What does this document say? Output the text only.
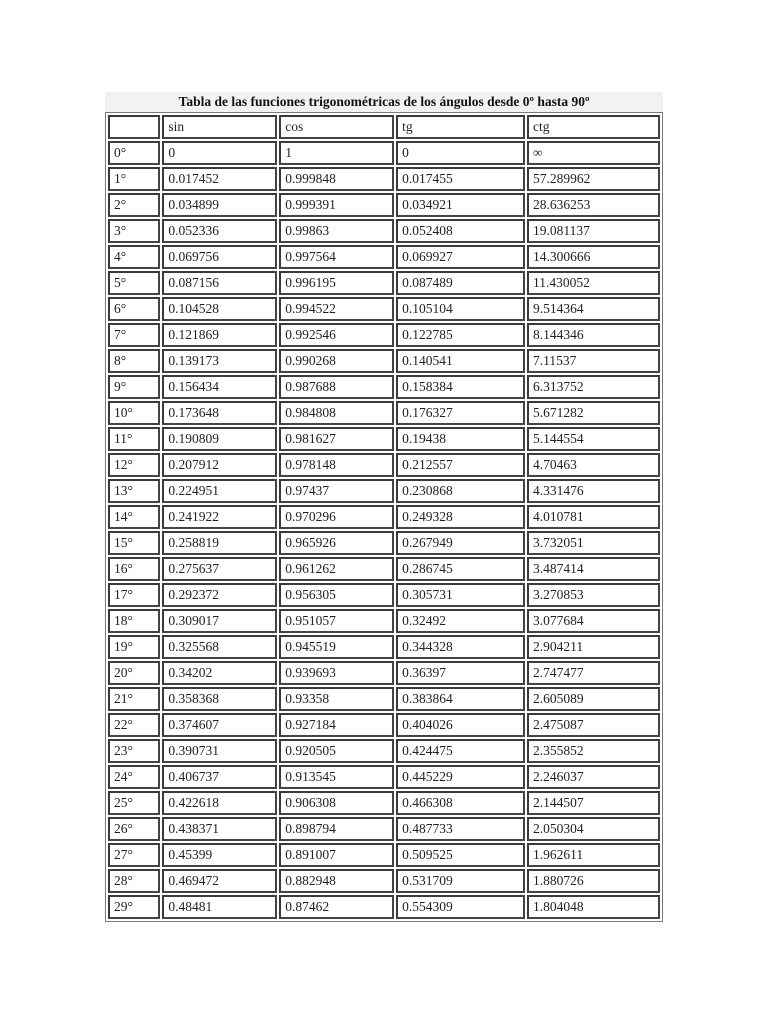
Tabla de las funciones trigonométricas de los ángulos desde 0º hasta 90º
	sin	cos	tg	ctg
0°	0	1	0	∞
1°	0.017452	0.999848	0.017455	57.289962
2°	0.034899	0.999391	0.034921	28.636253
3°	0.052336	0.99863	0.052408	19.081137
4°	0.069756	0.997564	0.069927	14.300666
5°	0.087156	0.996195	0.087489	11.430052
6°	0.104528	0.994522	0.105104	9.514364
7°	0.121869	0.992546	0.122785	8.144346
8°	0.139173	0.990268	0.140541	7.11537
9°	0.156434	0.987688	0.158384	6.313752
10°	0.173648	0.984808	0.176327	5.671282
11°	0.190809	0.981627	0.19438	5.144554
12°	0.207912	0.978148	0.212557	4.70463
13°	0.224951	0.97437	0.230868	4.331476
14°	0.241922	0.970296	0.249328	4.010781
15°	0.258819	0.965926	0.267949	3.732051
16°	0.275637	0.961262	0.286745	3.487414
17°	0.292372	0.956305	0.305731	3.270853
18°	0.309017	0.951057	0.32492	3.077684
19°	0.325568	0.945519	0.344328	2.904211
20°	0.34202	0.939693	0.36397	2.747477
21°	0.358368	0.93358	0.383864	2.605089
22°	0.374607	0.927184	0.404026	2.475087
23°	0.390731	0.920505	0.424475	2.355852
24°	0.406737	0.913545	0.445229	2.246037
25°	0.422618	0.906308	0.466308	2.144507
26°	0.438371	0.898794	0.487733	2.050304
27°	0.45399	0.891007	0.509525	1.962611
28°	0.469472	0.882948	0.531709	1.880726
29°	0.48481	0.87462	0.554309	1.804048
